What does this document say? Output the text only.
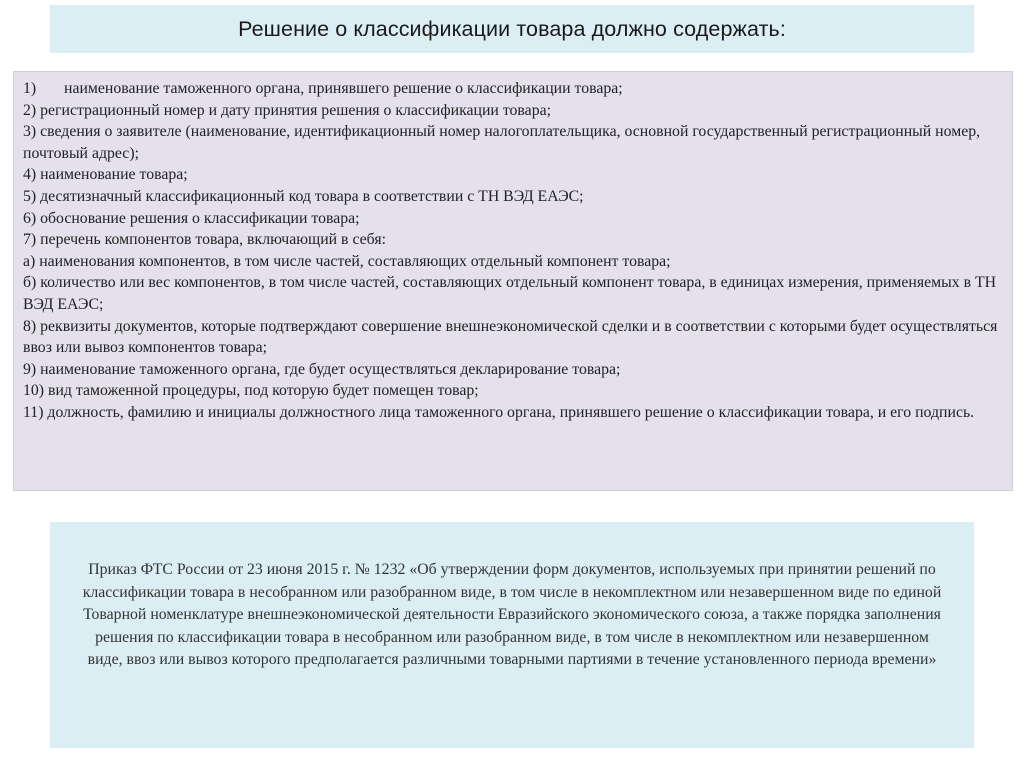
Решение о классификации товара должно содержать:

1) наименование таможенного органа, принявшего решение о классификации товара;

2) регистрационный номер и дату принятия решения о классификации товара;

3) сведения о заявителе (наименование, идентификационный номер налогоплательщика, основной государственный регистрационный номер, почтовый адрес);

4) наименование товара;

5) десятизначный классификационный код товара в соответствии с ТН ВЭД ЕАЭС;

6) обоснование решения о классификации товара;

7) перечень компонентов товара, включающий в себя:

а) наименования компонентов, в том числе частей, составляющих отдельный компонент товара;

б) количество или вес компонентов, в том числе частей, составляющих отдельный компонент товара, в единицах измерения, применяемых в ТН ВЭД ЕАЭС;

8) реквизиты документов, которые подтверждают совершение внешнеэкономической сделки и в соответствии с которыми будет осуществляться ввоз или вывоз компонентов товара;

9) наименование таможенного органа, где будет осуществляться декларирование товара;

10) вид таможенной процедуры, под которую будет помещен товар;

11) должность, фамилию и инициалы должностного лица таможенного органа, принявшего решение о классификации товара, и его подпись.

Приказ ФТС России от 23 июня 2015 г. № 1232 «Об утверждении форм документов, используемых при принятии решений по классификации товара в несобранном или разобранном виде, в том числе в некомплектном или незавершенном виде по единой Товарной номенклатуре внешнеэкономической деятельности Евразийского экономического союза, а также порядка заполнения решения по классификации товара в несобранном или разобранном виде, в том числе в некомплектном или незавершенном виде, ввоз или вывоз которого предполагается различными товарными партиями в течение установленного периода времени»
